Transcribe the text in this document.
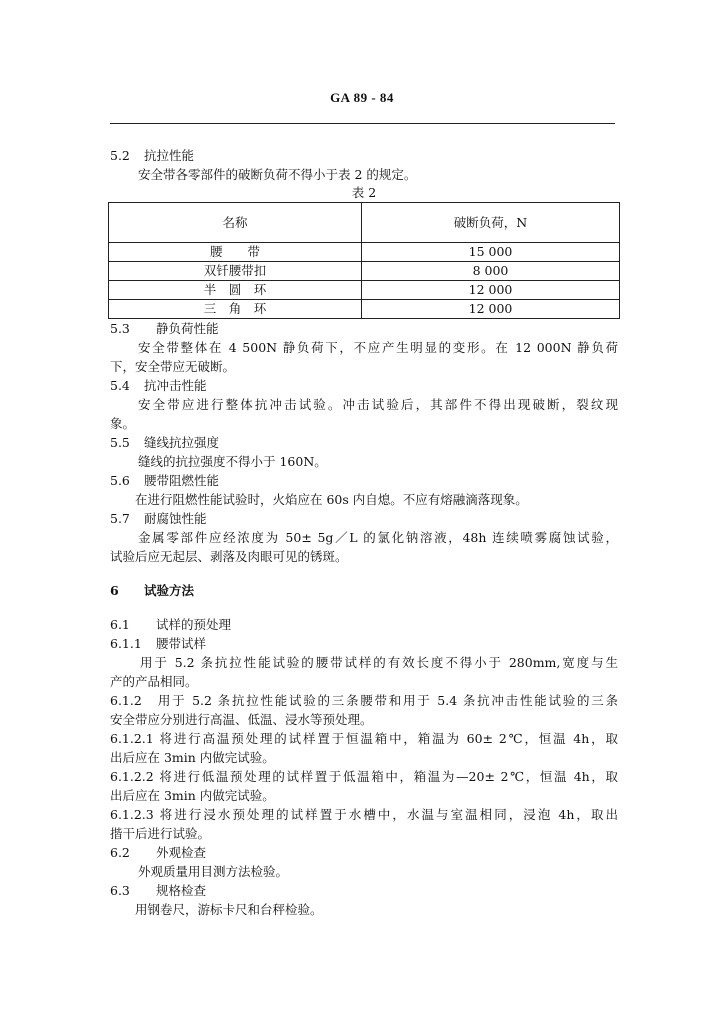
GA 89 - 84
5.2 抗拉性能
安全带各零部件的破断负荷不得小于表 2 的规定。
表 2
名称	破断负荷，N
腰　　带	15 000
双钎腰带扣	8 000
半　圆　环	12 000
三　角　环	12 000
5.3 静负荷性能
安全带整体在 4 500N 静负荷下，不应产生明显的变形。在 12 000N 静负荷
下，安全带应无破断。
5.4 抗冲击性能
安全带应进行整体抗冲击试验。冲击试验后，其部件不得出现破断，裂纹现
象。
5.5 缝线抗拉强度
缝线的抗拉强度不得小于 160N。
5.6 腰带阻燃性能
在进行阻燃性能试验时，火焰应在 60s 内自熄。不应有熔融滴落现象。
5.7 耐腐蚀性能
金属零部件应经浓度为 50± 5g／L 的氯化钠溶液，48h 连续喷雾腐蚀试验，
试验后应无起层、剥落及肉眼可见的锈斑。
6 试验方法
6.1 试样的预处理
6.1.1 腰带试样
用于 5.2 条抗拉性能试验的腰带试样的有效长度不得小于 280mm,宽度与生
产的产品相同。
6.1.2　用于 5.2 条抗拉性能试验的三条腰带和用于 5.4 条抗冲击性能试验的三条
安全带应分别进行高温、低温、浸水等预处理。
6.1.2.1 将进行高温预处理的试样置于恒温箱中，箱温为 60± 2℃，恒温 4h，取
出后应在 3min 内做完试验。
6.1.2.2 将进行低温预处理的试样置于低温箱中，箱温为—20± 2℃，恒温 4h，取
出后应在 3min 内做完试验。
6.1.2.3 将进行浸水预处理的试样置于水槽中，水温与室温相同，浸泡 4h，取出
揩干后进行试验。
6.2 外观检查
外观质量用目测方法检验。
6.3 规格检查
用钢卷尺，游标卡尺和台秤检验。
